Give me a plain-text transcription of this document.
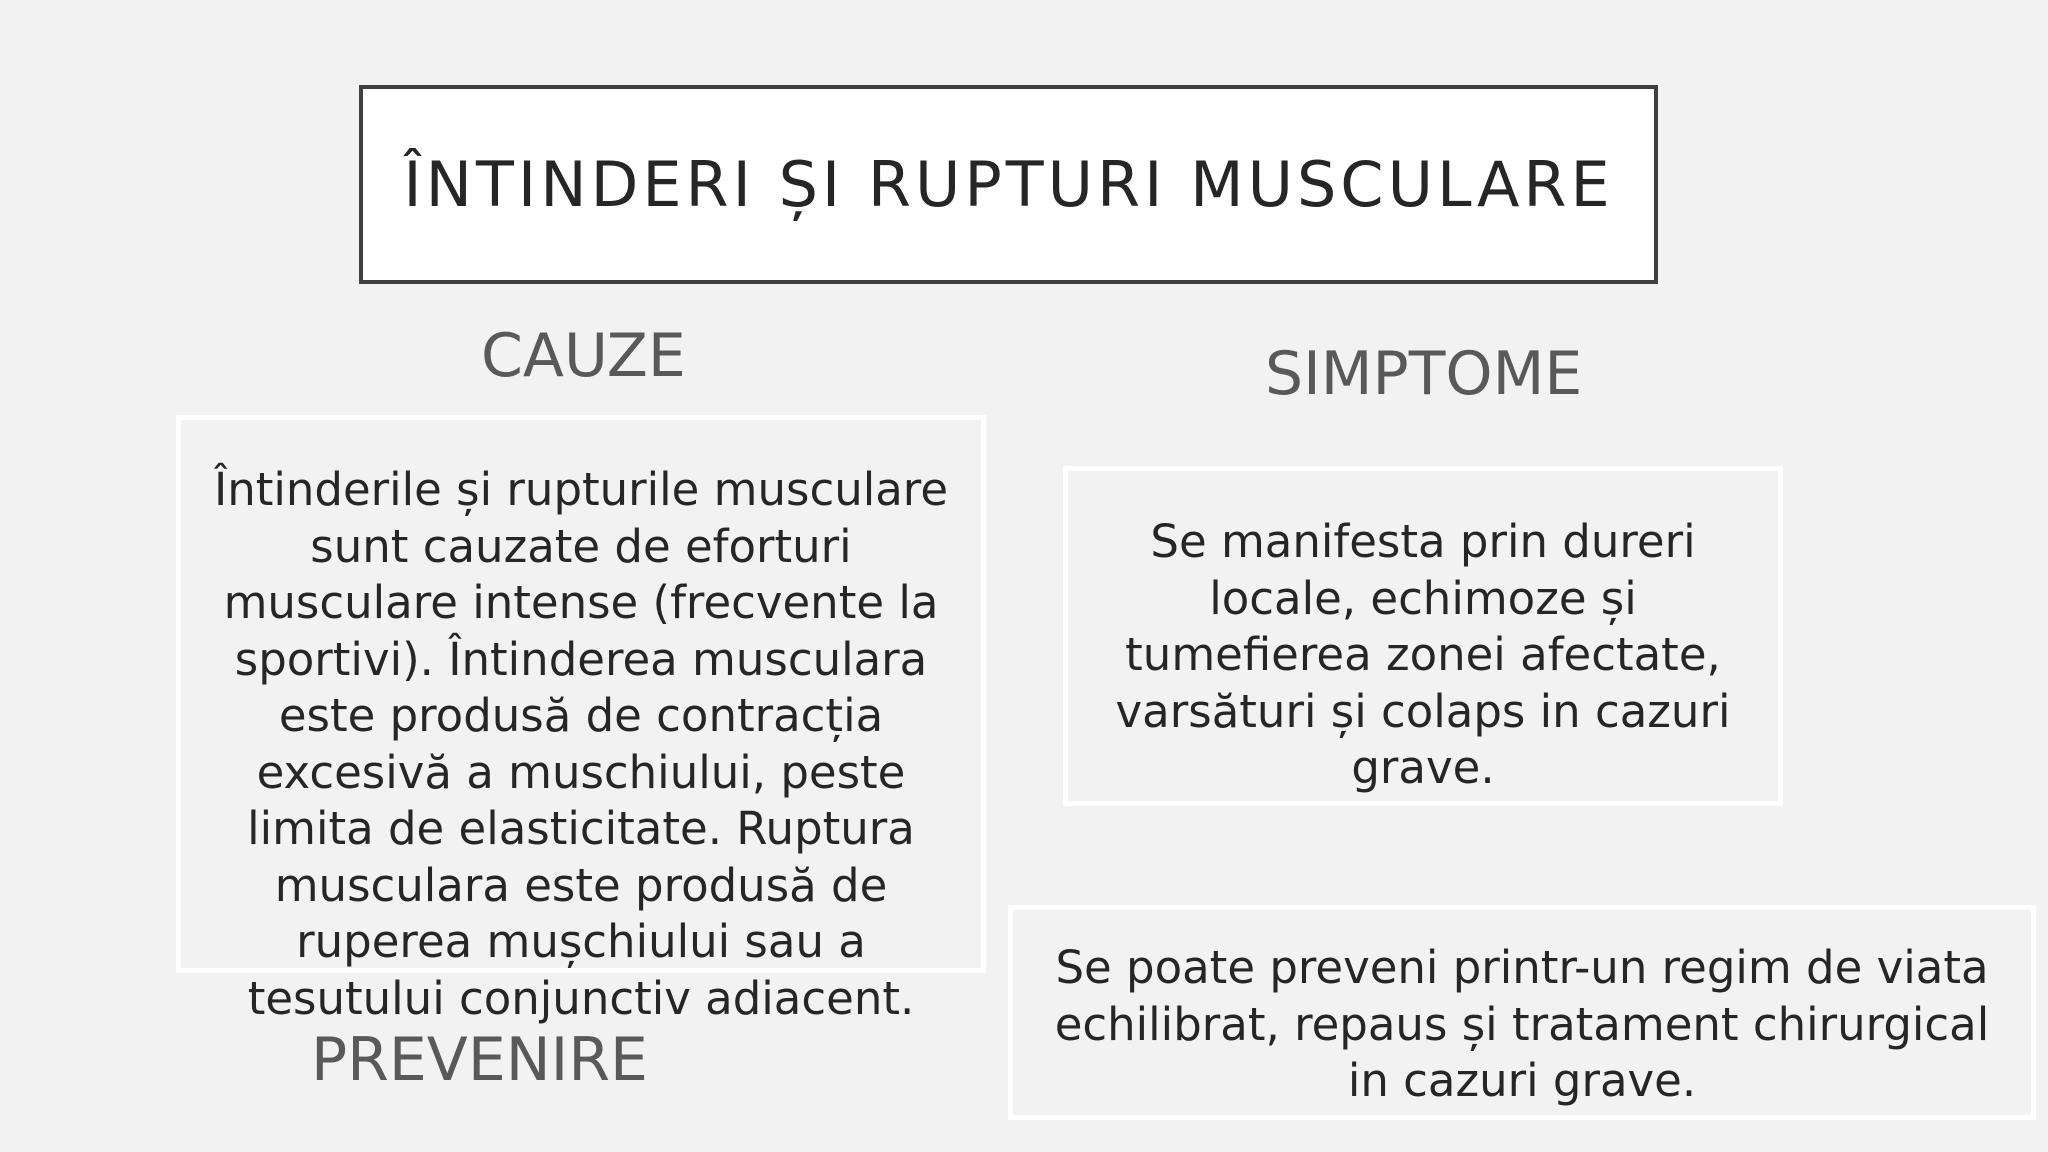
ÎNTINDERI ȘI RUPTURI MUSCULARE
CAUZE	SIMPTOME
Întinderile și rupturile musculare sunt cauzate de eforturi musculare intense (frecvente la sportivi). Întinderea musculara este produsă de contracția excesivă a muschiului, peste limita de elasticitate. Ruptura musculara este produsă de ruperea mușchiului sau a tesutului conjunctiv adiacent.
Se manifesta prin dureri locale, echimoze și tumefierea zonei afectate, varsături și colaps in cazuri grave.
Se poate preveni printr-un regim de viata echilibrat, repaus și tratament chirurgical in cazuri grave.
PREVENIRE
